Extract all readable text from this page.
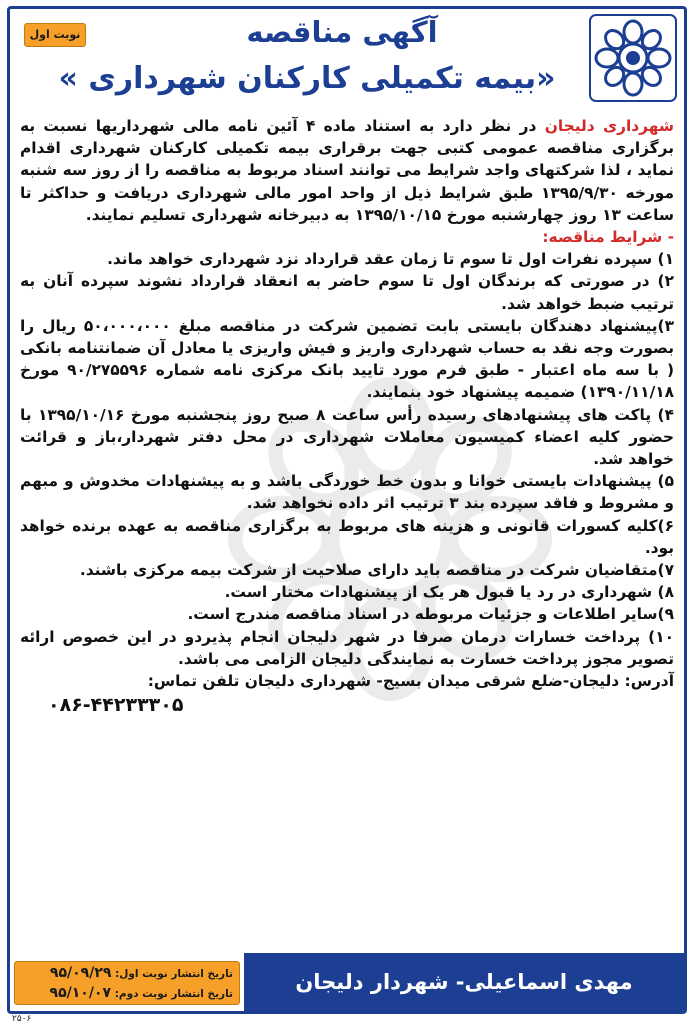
نوبت اول	آگهی مناقصه
«بیمه تکمیلی کارکنان شهرداری »

شهرداری دلیجان در نظر دارد به استناد ماده ۴ آئین نامه مالی شهرداریها نسبت به برگزاری مناقصه عمومی کتبی جهت برقراری بیمه تکمیلی کارکنان شهرداری اقدام نماید ، لذا شرکتهای واجد شرایط می توانند اسناد مربوط به مناقصه را از روز سه شنبه مورخه ۱۳۹۵/۹/۳۰ طبق شرایط ذیل از واحد امور مالی شهرداری دریافت و حداکثر تا ساعت ۱۳ روز چهارشنبه مورخ ۱۳۹۵/۱۰/۱۵ به دبیرخانه شهرداری تسلیم نمایند.

- شرایط مناقصه:

۱) سپرده نفرات اول تا سوم تا زمان عقد قرارداد نزد شهرداری خواهد ماند.

۲) در صورتی که برندگان اول تا سوم حاضر به انعقاد قرارداد نشوند سپرده آنان به ترتیب ضبط خواهد شد.

۳)پیشنهاد دهندگان بایستی بابت تضمین شرکت در مناقصه مبلغ ۵۰،۰۰۰،۰۰۰ ریال را بصورت وجه نقد به حساب شهرداری واریز و فیش واریزی یا معادل آن ضمانتنامه بانکی ( با سه ماه اعتبار - طبق فرم مورد تایید بانک مرکزی نامه شماره ۹۰/۲۷۵۵۹۶ مورخ ۱۳۹۰/۱۱/۱۸) ضمیمه پیشنهاد خود بنمایند.

۴) پاکت های پیشنهادهای رسیده رأس ساعت ۸ صبح روز پنجشنبه مورخ ۱۳۹۵/۱۰/۱۶ با حضور کلیه اعضاء کمیسیون معاملات شهرداری در محل دفتر شهردار،باز و قرائت خواهد شد.

۵) پیشنهادات بایستی خوانا و بدون خط خوردگی باشد و به پیشنهادات مخدوش و مبهم و مشروط و فاقد سپرده بند ۳ ترتیب اثر داده نخواهد شد.

۶)کلیه کسورات قانونی و هزینه های مربوط به برگزاری مناقصه به عهده برنده خواهد بود.

۷)متقاضیان شرکت در مناقصه باید دارای صلاحیت از شرکت بیمه مرکزی باشند.

۸) شهرداری در رد یا قبول هر یک از پیشنهادات مختار است.

۹)سایر اطلاعات و جزئیات مربوطه در اسناد مناقصه مندرج است.

۱۰) پرداخت خسارات درمان صرفا در شهر دلیجان انجام پذیردو در این خصوص ارائه تصویر مجوز پرداخت خسارت به نمایندگی دلیجان الزامی می باشد.

آدرس: دلیجان-ضلع شرقی میدان بسیج- شهرداری دلیجان تلفن تماس:

۰۸۶-۴۴۲۳۳۳۰۵

مهدی اسماعیلی- شهردار دلیجان
تاریخ انتشار نوبت اول: ۹۵/۰۹/۲۹
تاریخ انتشار نوبت دوم: ۹۵/۱۰/۰۷
۲۵۰۶
